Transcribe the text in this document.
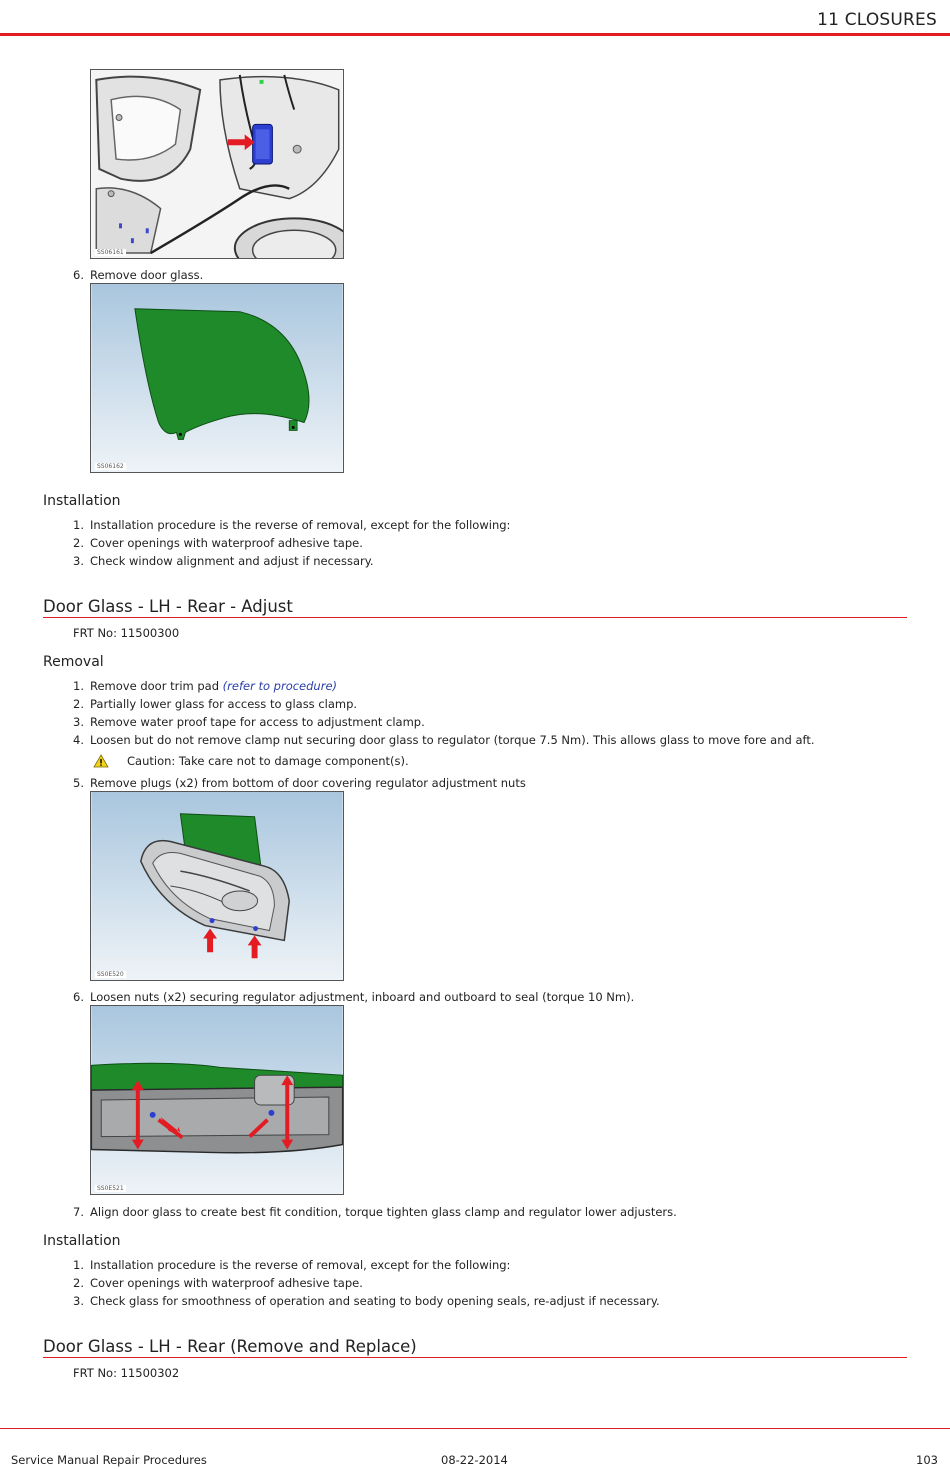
11 CLOSURES
SS06161
6. Remove door glass.
SS06162
Installation
1. Installation procedure is the reverse of removal, except for the following:
2. Cover openings with waterproof adhesive tape.
3. Check window alignment and adjust if necessary.
Door Glass - LH - Rear - Adjust
FRT No: 11500300
Removal
1. Remove door trim pad (refer to procedure)
2. Partially lower glass for access to glass clamp.
3. Remove water proof tape for access to adjustment clamp.
4. Loosen but do not remove clamp nut securing door glass to regulator (torque 7.5 Nm). This allows glass to move fore and aft.
Caution: Take care not to damage component(s).
5. Remove plugs (x2) from bottom of door covering regulator adjustment nuts
SS0E520
6. Loosen nuts (x2) securing regulator adjustment, inboard and outboard to seal (torque 10 Nm).
SS0E521
7. Align door glass to create best fit condition, torque tighten glass clamp and regulator lower adjusters.
Installation
1. Installation procedure is the reverse of removal, except for the following:
2. Cover openings with waterproof adhesive tape.
3. Check glass for smoothness of operation and seating to body opening seals, re-adjust if necessary.
Door Glass - LH - Rear (Remove and Replace)
FRT No: 11500302
Service Manual Repair Procedures	08-22-2014	103
